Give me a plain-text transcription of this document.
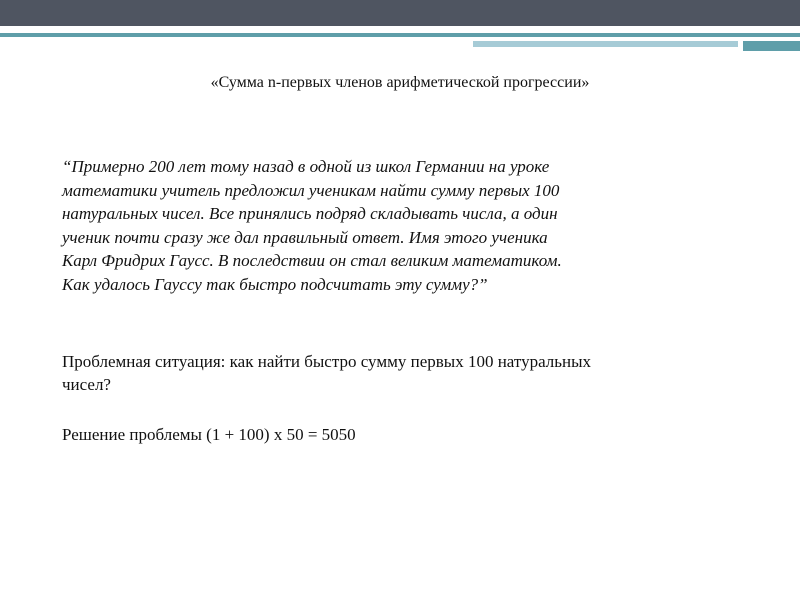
«Сумма n-первых членов арифметической прогрессии»

“Примерно 200 лет тому назад в одной из школ Германии на уроке

математики учитель предложил ученикам найти сумму первых 100

натуральных чисел. Все принялись подряд складывать числа, а один

ученик почти сразу же дал правильный ответ. Имя этого ученика

Карл Фридрих Гаусс. В последствии он стал великим математиком.

Как удалось Гауссу так быстро подсчитать эту сумму?”

Проблемная ситуация: как найти быстро сумму первых 100 натуральных
чисел?
Решение проблемы (1 + 100) х 50 = 5050
